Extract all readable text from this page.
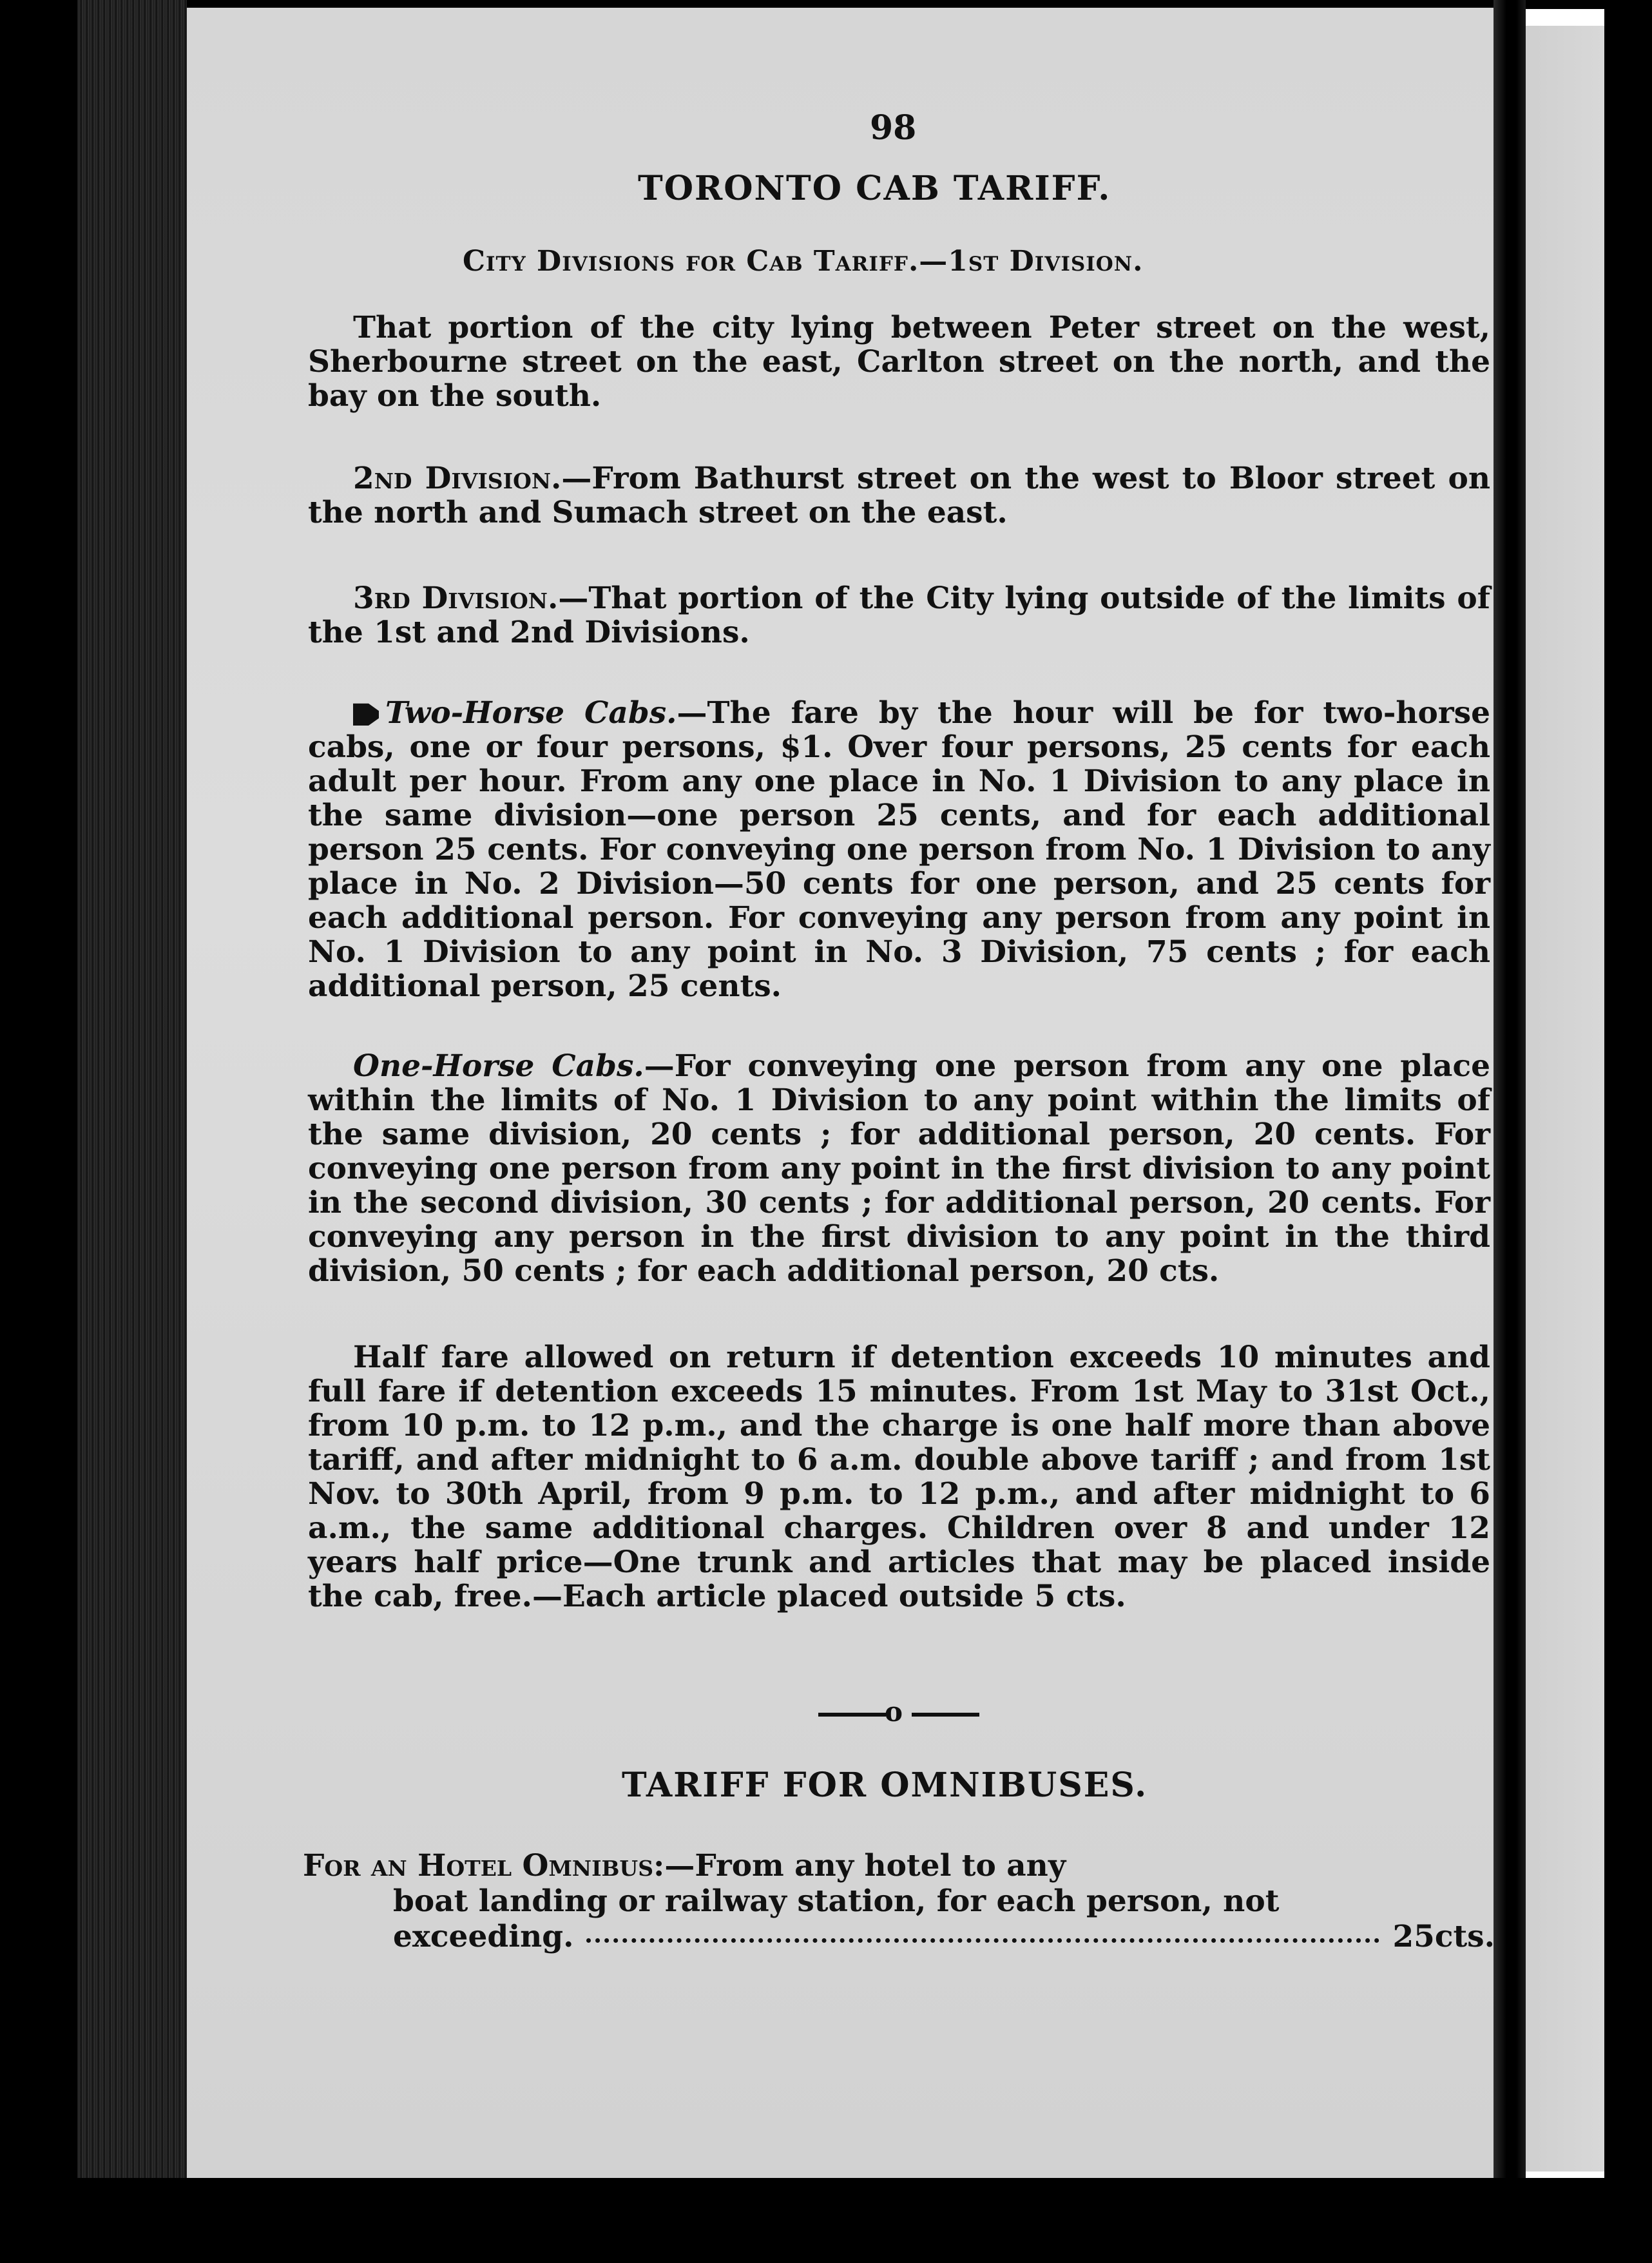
98
TORONTO CAB TARIFF.
City Divisions for Cab Tariff.—1st Division.
That portion of the city lying between Peter street on the west, Sherbourne street on the east, Carlton street on the north, and the bay on the south.
2nd Division.—From Bathurst street on the west to Bloor street on the north and Sumach street on the east.
3rd Division.—That portion of the City lying outside of the limits of the 1st and 2nd Divisions.
Two-Horse Cabs.—The fare by the hour will be for two-horse cabs, one or four persons, $1. Over four persons, 25 cents for each adult per hour. From any one place in No. 1 Division to any place in the same division—one person 25 cents, and for each additional person 25 cents. For conveying one person from No. 1 Division to any place in No. 2 Division—50 cents for one person, and 25 cents for each additional person. For conveying any person from any point in No. 1 Division to any point in No. 3 Division, 75 cents ; for each additional person, 25 cents.
One-Horse Cabs.—For conveying one person from any one place within the limits of No. 1 Division to any point within the limits of the same division, 20 cents ; for additional person, 20 cents. For conveying one person from any point in the first division to any point in the second division, 30 cents ; for additional person, 20 cents. For conveying any person in the first division to any point in the third division, 50 cents ; for each additional person, 20 cts.
Half fare allowed on return if detention exceeds 10 minutes and full fare if detention exceeds 15 minutes. From 1st May to 31st Oct., from 10 p.m. to 12 p.m., and the charge is one half more than above tariff, and after midnight to 6 a.m. double above tariff ; and from 1st Nov. to 30th April, from 9 p.m. to 12 p.m., and after midnight to 6 a.m., the same additional charges. Children over 8 and under 12 years half price—One trunk and articles that may be placed inside the cab, free.—Each article placed outside 5 cts.
o
TARIFF FOR OMNIBUSES.
For an Hotel Omnibus:—From any hotel to any
boat landing or railway station, for each person, not
exceeding.	25cts.
I
c
F

t
d
w

c
B
R

t
n
a
b

C
P
A
V
M
an
